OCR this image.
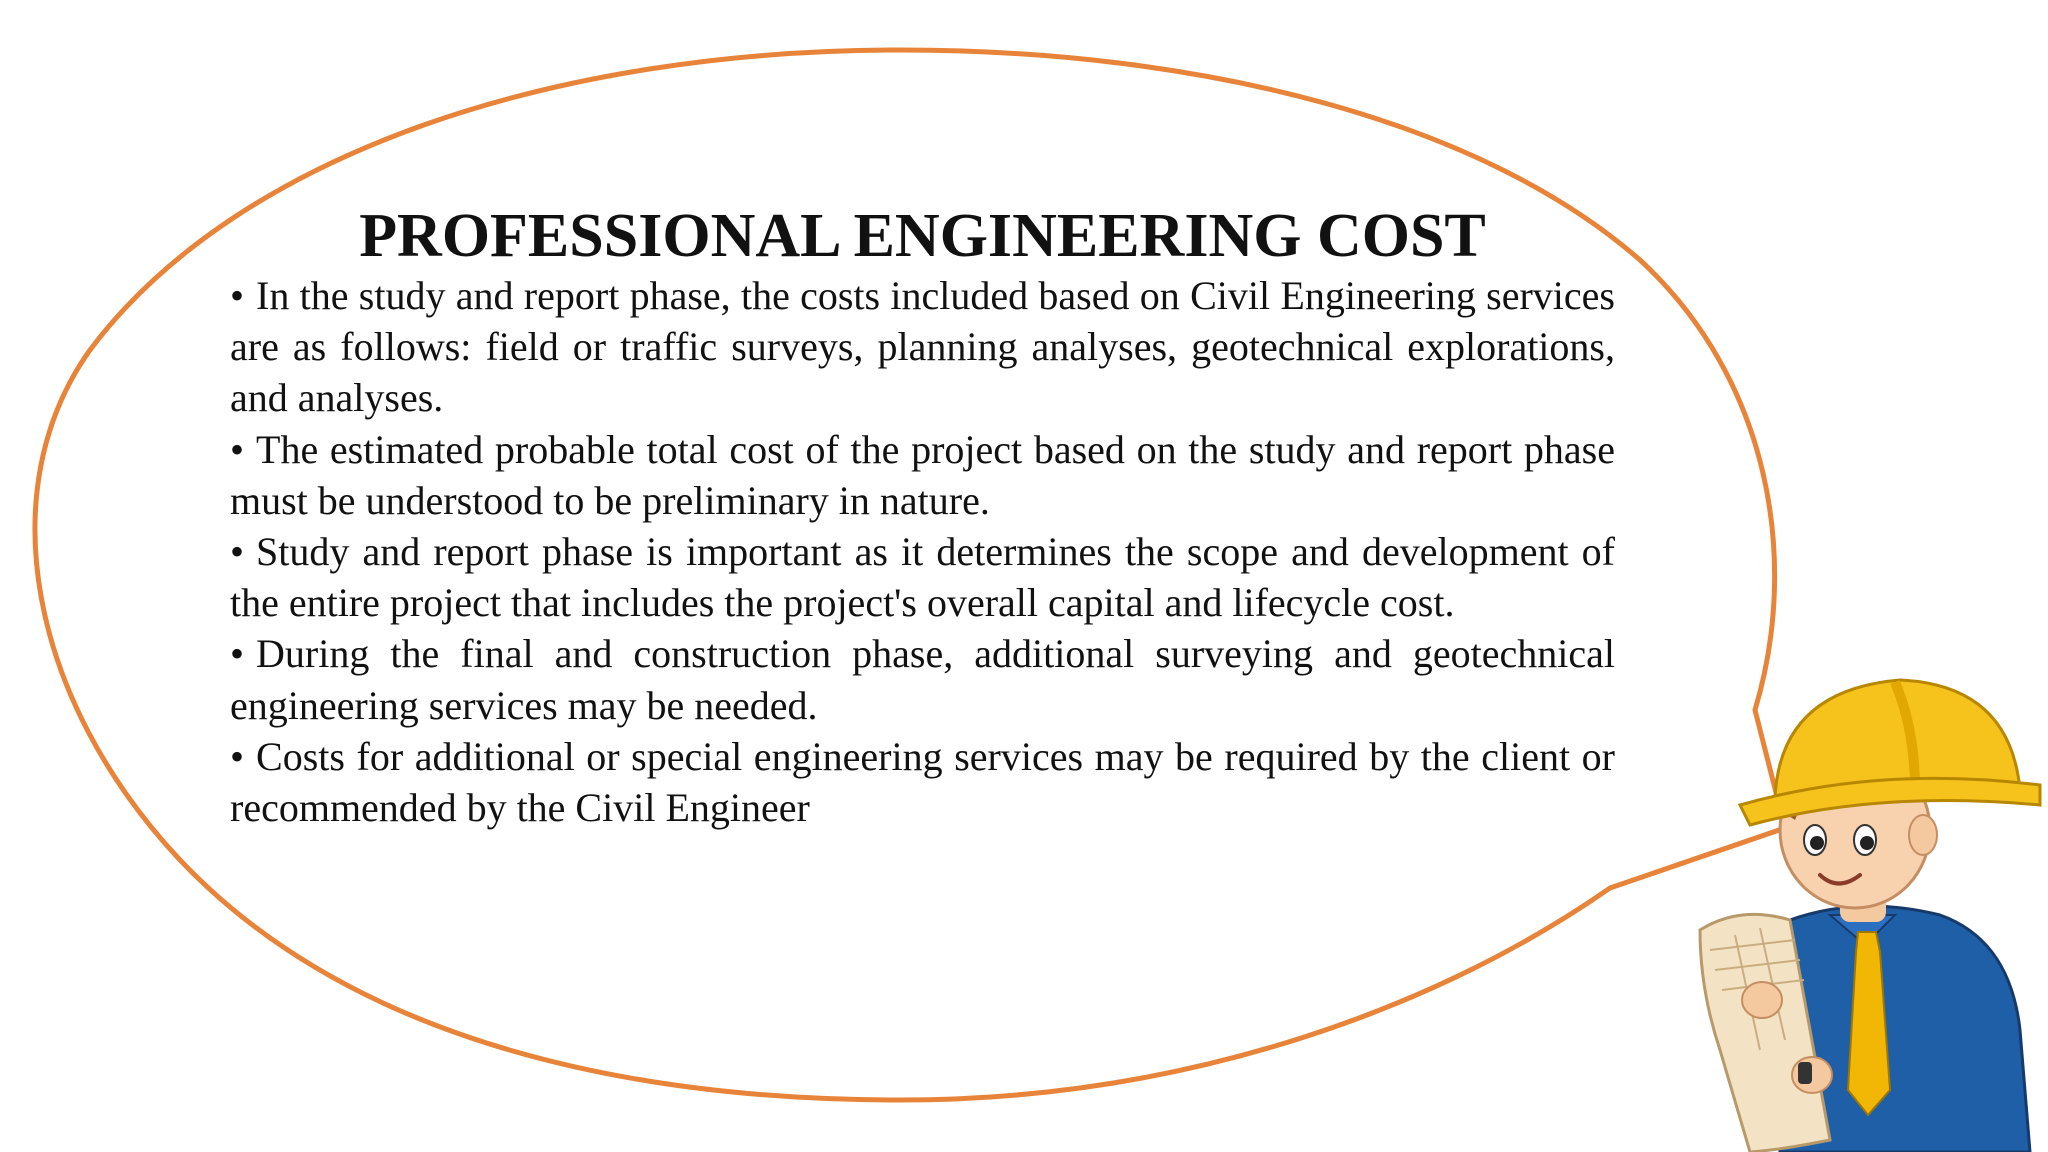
PROFESSIONAL ENGINEERING COST
• In the study and report phase, the costs included based on Civil Engineering services are as follows: field or traffic surveys, planning analyses, geotechnical explorations, and analyses.
• The estimated probable total cost of the project based on the study and report phase must be understood to be preliminary in nature.
• Study and report phase is important as it determines the scope and development of the entire project that includes the project's overall capital and lifecycle cost.
• During the final and construction phase, additional surveying and geotechnical engineering services may be needed.
• Costs for additional or special engineering services may be required by the client or recommended by the Civil Engineer
